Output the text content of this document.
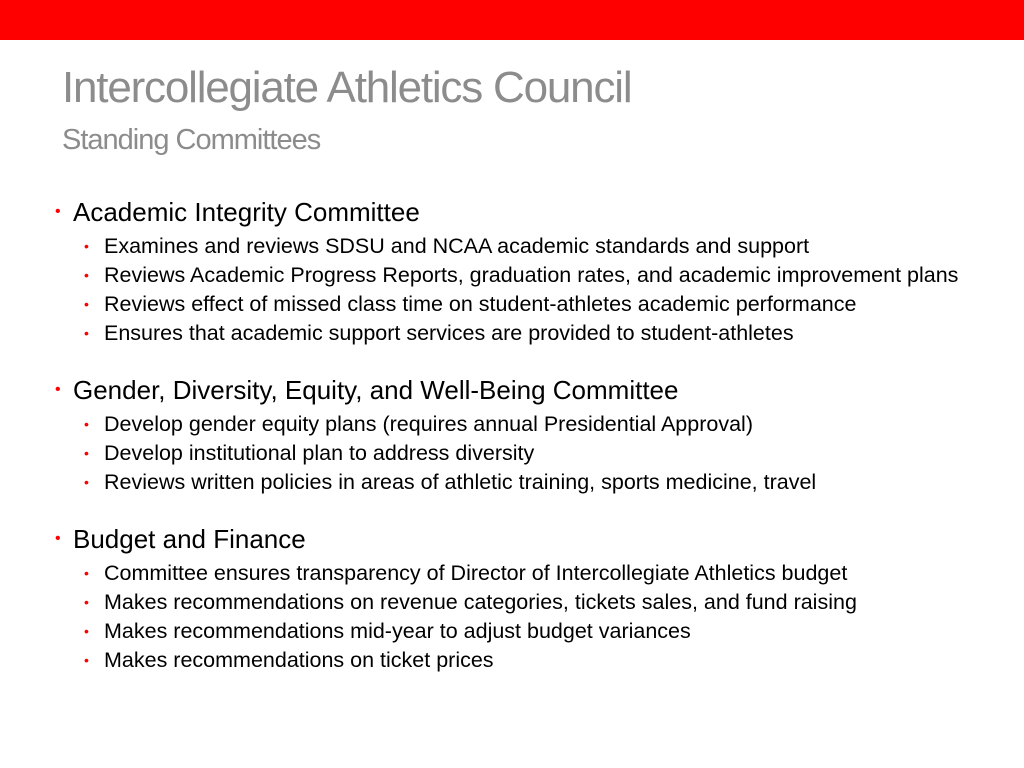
Intercollegiate Athletics Council
Standing Committees
• Academic Integrity Committee
• Examines and reviews SDSU and NCAA academic standards and support
• Reviews Academic Progress Reports, graduation rates, and academic improvement plans
• Reviews effect of missed class time on student-athletes academic performance
• Ensures that academic support services are provided to student-athletes
• Gender, Diversity, Equity, and Well-Being Committee
• Develop gender equity plans (requires annual Presidential Approval)
• Develop institutional plan to address diversity
• Reviews written policies in areas of athletic training, sports medicine, travel
• Budget and Finance
• Committee ensures transparency of Director of Intercollegiate Athletics budget
• Makes recommendations on revenue categories, tickets sales, and fund raising
• Makes recommendations mid-year to adjust budget variances
• Makes recommendations on ticket prices
